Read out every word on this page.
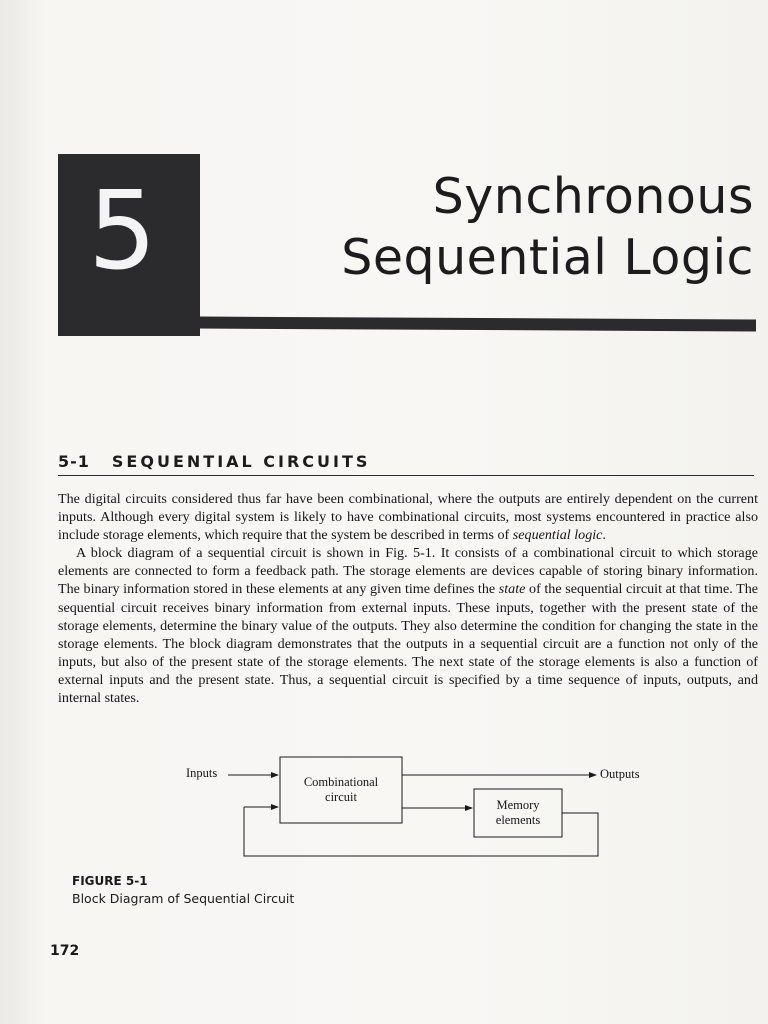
5	Synchronous
Sequential Logic
5-1 SEQUENTIAL CIRCUITS

The digital circuits considered thus far have been combinational, where the outputs are entirely dependent on the current inputs. Although every digital system is likely to have combinational circuits, most systems encountered in practice also include storage elements, which require that the system be described in terms of sequential logic.

A block diagram of a sequential circuit is shown in Fig. 5-1. It consists of a combinational circuit to which storage elements are connected to form a feedback path. The storage elements are devices capable of storing binary information. The binary information stored in these elements at any given time defines the state of the sequential circuit at that time. The sequential circuit receives binary information from external inputs. These inputs, together with the present state of the storage elements, determine the binary value of the outputs. They also determine the condition for changing the state in the storage elements. The block diagram demonstrates that the outputs in a sequential circuit are a function not only of the inputs, but also of the present state of the storage elements. The next state of the storage elements is also a function of external inputs and the present state. Thus, a sequential circuit is specified by a time sequence of inputs, outputs, and internal states.

Inputs	Outputs
Combinational
circuit
Memory
elements
FIGURE 5-1
Block Diagram of Sequential Circuit
172
